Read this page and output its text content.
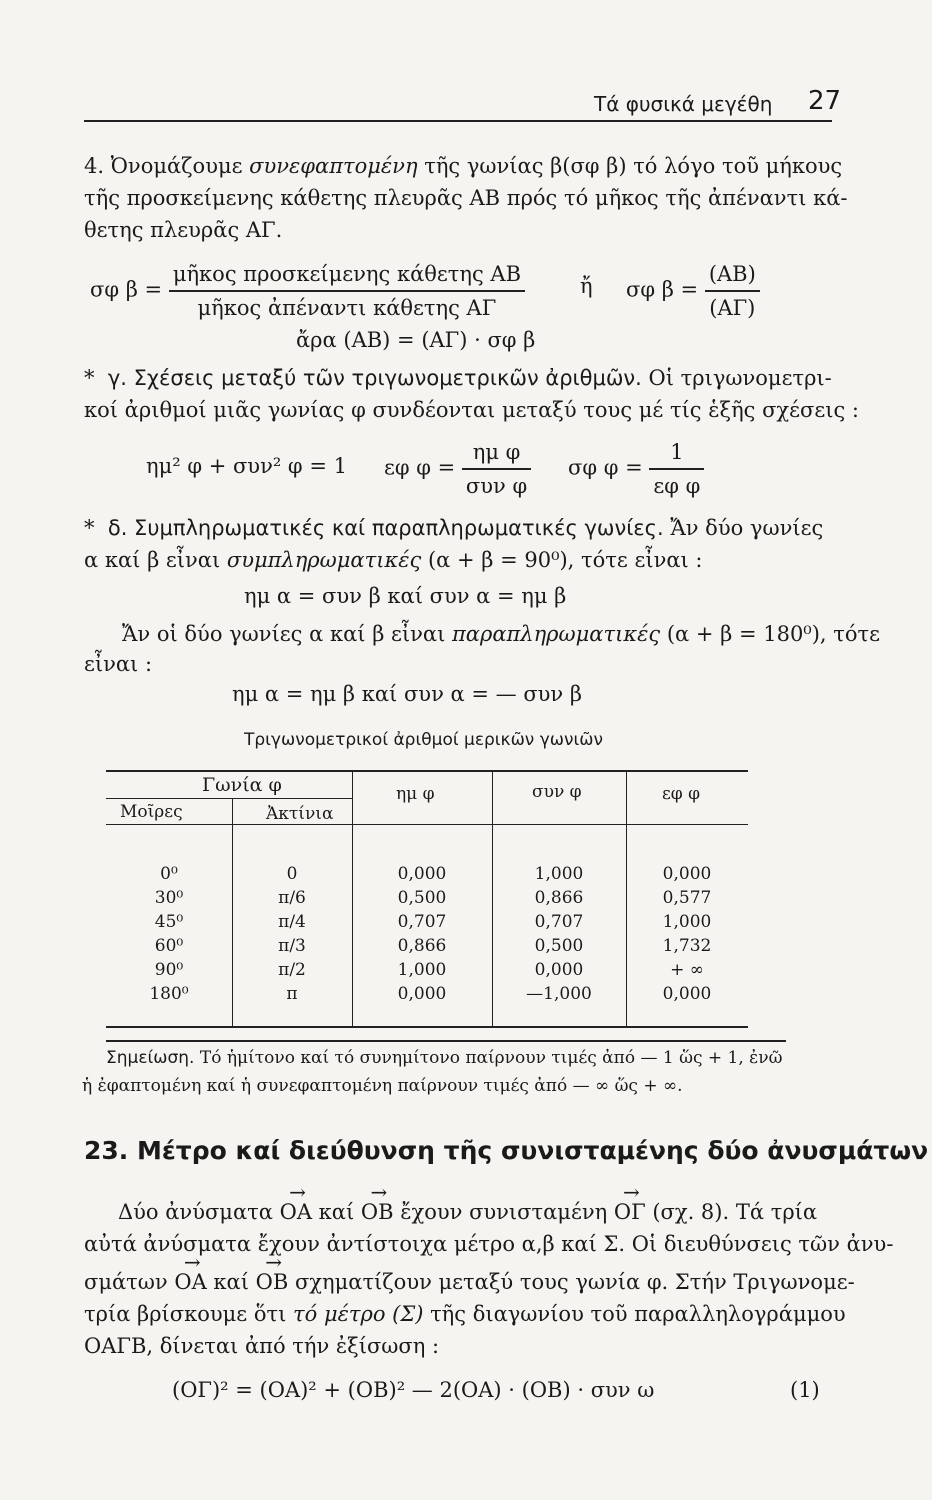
Τά φυσικά μεγέθη 27
4. Ὀνομάζουμε συνεφαπτομένη τῆς γωνίας β(σφ β) τό λόγο τοῦ μήκους
τῆς προσκείμενης κάθετης πλευρᾶς ΑΒ πρός τό μῆκος τῆς ἀπέναντι κά-
θετης πλευρᾶς ΑΓ.
σφ $\beta = \frac{\text{μῆκος προσκείμενης κάθετης ΑΒ}}{\text{μῆκος ἀπέναντι κάθετης ΑΓ}}$	ἤ σφ $\beta = \frac{(AB)}{(A\Gamma)}$
ἄρα (ΑΒ) = (ΑΓ) · σφ β
* γ. Σχέσεις μεταξύ τῶν τριγωνομετρικῶν ἀριθμῶν. Οἱ τριγωνομετρι-
κοί ἀριθμοί μιᾶς γωνίας φ συνδέονται μεταξύ τους μέ τίς ἑξῆς σχέσεις :
ημ² φ + συν² φ = 1 εφ $\varphi = \frac{\text{ημ φ}}{\text{συν φ}}$ σφ $\varphi = \frac{1}{\text{εφ φ}}$
* δ. Συμπληρωματικές καί παραπληρωματικές γωνίες. Ἄν δύο γωνίες
α καί β εἶναι συμπληρωματικές (α + β = 90⁰), τότε εἶναι :
ημ α = συν β καί συν α = ημ β
Ἄν οἱ δύο γωνίες α καί β εἶναι παραπληρωματικές (α + β = 180⁰), τότε
εἶναι :
ημ α = ημ β καί συν α = — συν β
Τριγωνομετρικοί ἀριθμοί μερικῶν γωνιῶν
Γωνία φ
Μοῖρες	Ἀκτίνια
ημ φ	συν φ	εφ φ
0⁰	0	0,000	1,000	0,000
30⁰	π/6	0,500	0,866	0,577
45⁰	π/4	0,707	0,707	1,000
60⁰	π/3	0,866	0,500	1,732
90⁰	π/2	1,000	0,000	+ ∞
180⁰	π	0,000	—1,000	0,000
Σημείωση. Τό ἡμίτονο καί τό συνημίτονο παίρνουν τιμές ἀπό — 1 ὥς + 1, ἐνῶ
ἡ ἐφαπτομένη καί ἡ συνεφαπτομένη παίρνουν τιμές ἀπό — ∞ ὥς + ∞.
23. Μέτρο καί διεύθυνση τῆς συνισταμένης δύο ἀνυσμάτων
Δύο ἀνύσματα → ΟΑ καί → ΟΒ ἔχουν συνισταμένη → ΟΓ (σχ. 8). Τά τρία
αὐτά ἀνύσματα ἔχουν ἀντίστοιχα μέτρο α,β καί Σ. Οἱ διευθύνσεις τῶν ἀνυ-
σμάτων → ΟΑ καί → ΟΒ σχηματίζουν μεταξύ τους γωνία φ. Στήν Τριγωνομε-
τρία βρίσκουμε ὅτι τό μέτρο (Σ) τῆς διαγωνίου τοῦ παραλληλογράμμου
ΟΑΓΒ, δίνεται ἀπό τήν ἐξίσωση :
(ΟΓ)² = (ΟΑ)² + (ΟΒ)² — 2(ΟΑ) · (ΟΒ) · συν ω	(1)
